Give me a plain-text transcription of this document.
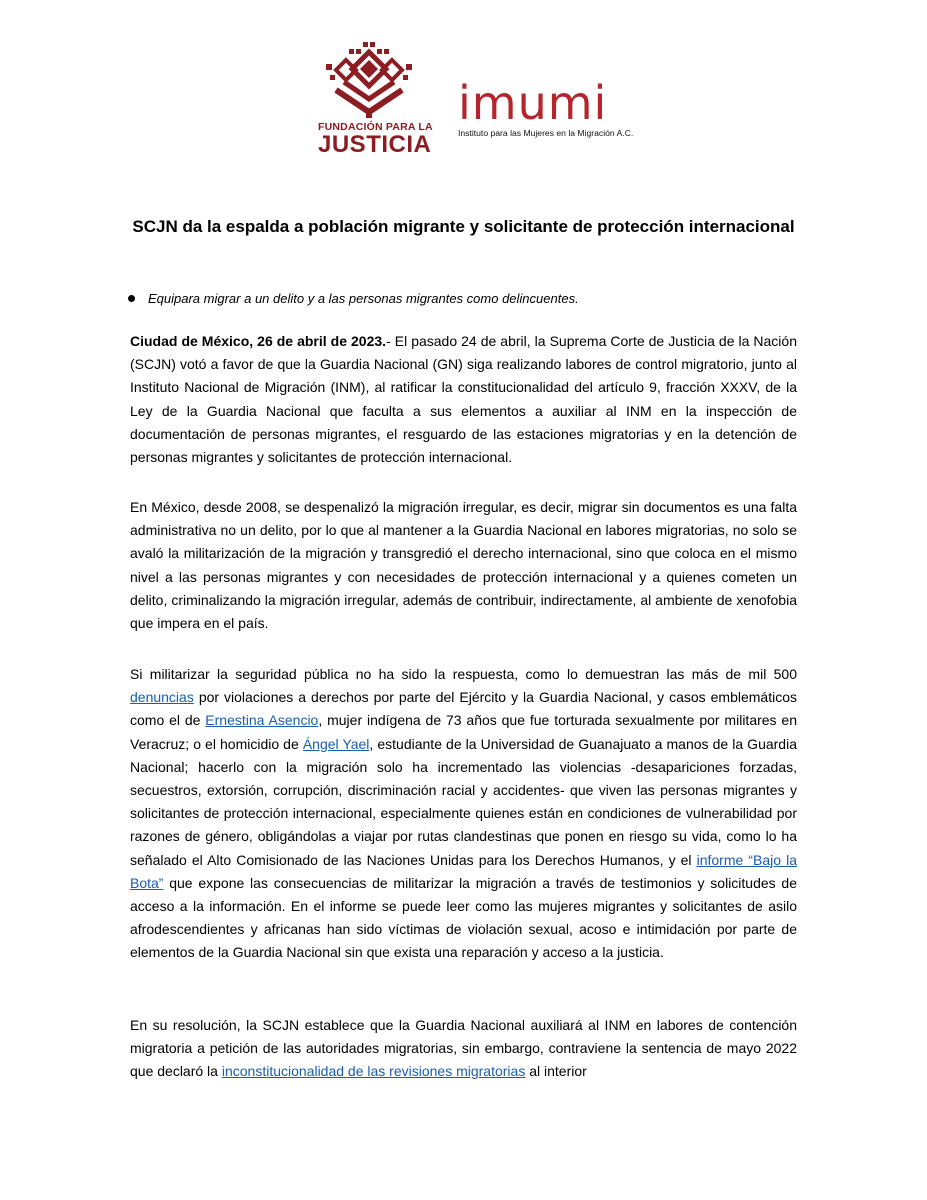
FUNDACIÓN PARA LA
JUSTICIA
imumi
Instituto para las Mujeres en la Migración A.C.
SCJN da la espalda a población migrante y solicitante de protección internacional
Equipara migrar a un delito y a las personas migrantes como delincuentes.
Ciudad de México, 26 de abril de 2023.- El pasado 24 de abril, la Suprema Corte de Justicia de la Nación (SCJN) votó a favor de que la Guardia Nacional (GN) siga realizando labores de control migratorio, junto al Instituto Nacional de Migración (INM), al ratificar la constitucionalidad del artículo 9, fracción XXXV, de la Ley de la Guardia Nacional que faculta a sus elementos a auxiliar al INM en la inspección de documentación de personas migrantes, el resguardo de las estaciones migratorias y en la detención de personas migrantes y solicitantes de protección internacional.
En México, desde 2008, se despenalizó la migración irregular, es decir, migrar sin documentos es una falta administrativa no un delito, por lo que al mantener a la Guardia Nacional en labores migratorias, no solo se avaló la militarización de la migración y transgredió el derecho internacional, sino que coloca en el mismo nivel a las personas migrantes y con necesidades de protección internacional y a quienes cometen un delito, criminalizando la migración irregular, además de contribuir, indirectamente, al ambiente de xenofobia que impera en el país.
Si militarizar la seguridad pública no ha sido la respuesta, como lo demuestran las más de mil 500 denuncias por violaciones a derechos por parte del Ejército y la Guardia Nacional, y casos emblemáticos como el de Ernestina Asencio, mujer indígena de 73 años que fue torturada sexualmente por militares en Veracruz; o el homicidio de Ángel Yael, estudiante de la Universidad de Guanajuato a manos de la Guardia Nacional; hacerlo con la migración solo ha incrementado las violencias -desapariciones forzadas, secuestros, extorsión, corrupción, discriminación racial y accidentes- que viven las personas migrantes y solicitantes de protección internacional, especialmente quienes están en condiciones de vulnerabilidad por razones de género, obligándolas a viajar por rutas clandestinas que ponen en riesgo su vida, como lo ha señalado el Alto Comisionado de las Naciones Unidas para los Derechos Humanos, y el informe “Bajo la Bota” que expone las consecuencias de militarizar la migración a través de testimonios y solicitudes de acceso a la información. En el informe se puede leer como las mujeres migrantes y solicitantes de asilo afrodescendientes y africanas han sido víctimas de violación sexual, acoso e intimidación por parte de elementos de la Guardia Nacional sin que exista una reparación y acceso a la justicia.
En su resolución, la SCJN establece que la Guardia Nacional auxiliará al INM en labores de contención migratoria a petición de las autoridades migratorias, sin embargo, contraviene la sentencia de mayo 2022 que declaró la inconstitucionalidad de las revisiones migratorias al interior
